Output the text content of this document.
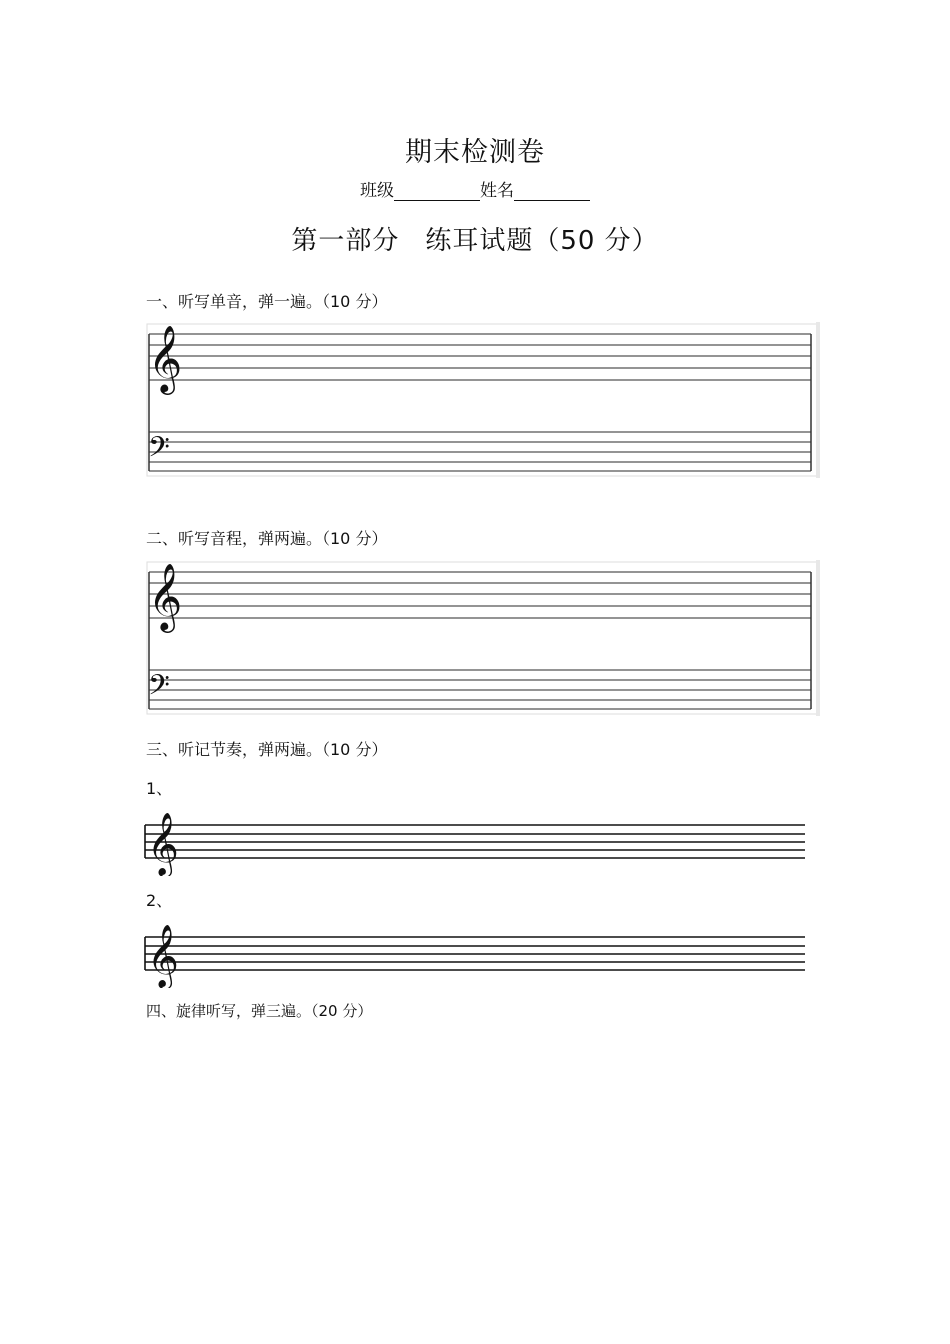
期末检测卷
班级	姓名
第一部分 练耳试题（50 分）
一、听写单音，弹一遍。（10 分）
𝄞
𝄢
二、听写音程，弹两遍。（10 分）
𝄞
𝄢
三、听记节奏，弹两遍。（10 分）
1、
𝄞
2、
𝄞
四、旋律听写，弹三遍。（20 分）
